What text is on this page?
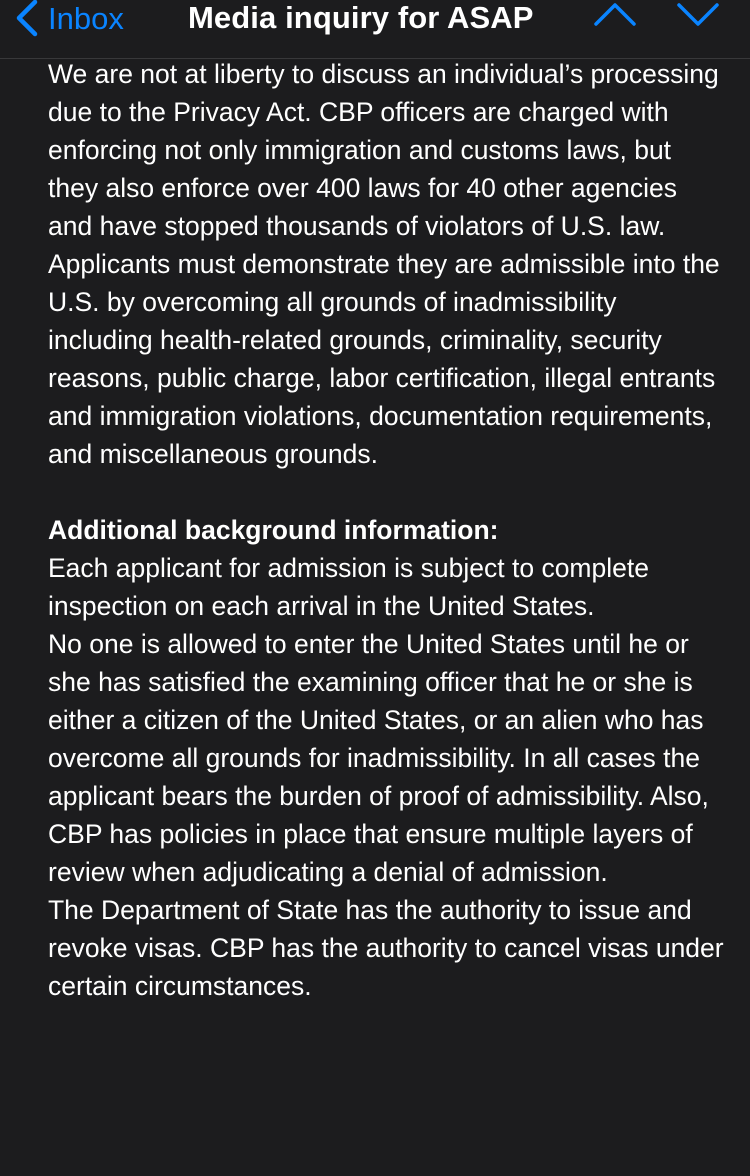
Inbox Media inquiry for ASAP

We are not at liberty to discuss an individual’s processing due to the Privacy Act. CBP officers are charged with enforcing not only immigration and customs laws, but they also enforce over 400 laws for 40 other agencies and have stopped thousands of violators of U.S. law. Applicants must demonstrate they are admissible into the U.S. by overcoming all grounds of inadmissibility including health-related grounds, criminality, security reasons, public charge, labor certification, illegal entrants and immigration violations, documentation requirements, and miscellaneous grounds.

Additional background information:

Each applicant for admission is subject to complete inspection on each arrival in the United States.

No one is allowed to enter the United States until he or she has satisfied the examining officer that he or she is either a citizen of the United States, or an alien who has overcome all grounds for inadmissibility. In all cases the applicant bears the burden of proof of admissibility. Also, CBP has policies in place that ensure multiple layers of review when adjudicating a denial of admission.

The Department of State has the authority to issue and revoke visas. CBP has the authority to cancel visas under certain circumstances.
